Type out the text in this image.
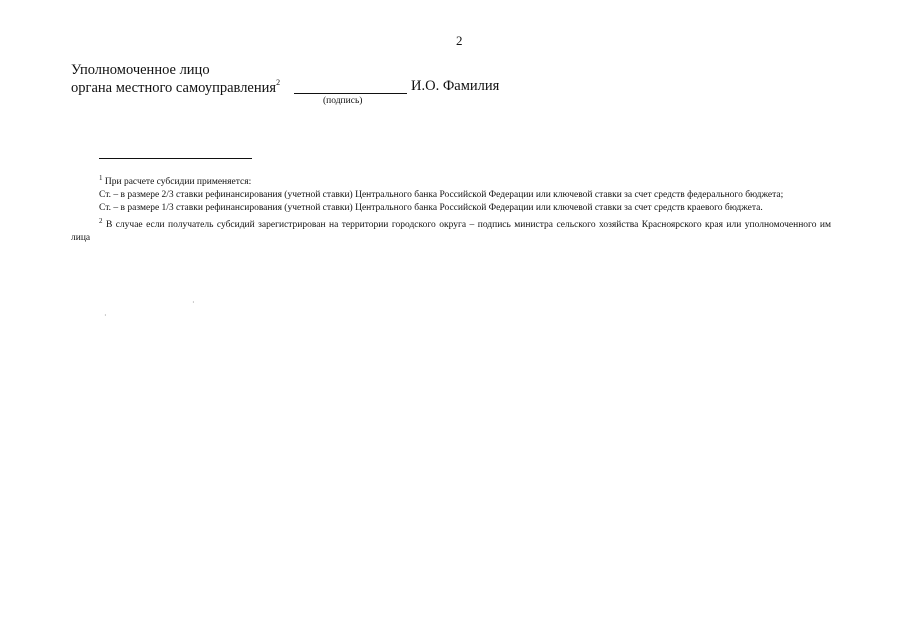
2
Уполномоченное лицо
органа местного самоуправления$^2$	И.О. Фамилия
(подпись)

$^1$ При расчете субсидии применяется:

Ст. – в размере 2/3 ставки рефинансирования (учетной ставки) Центрального банка Российской Федерации или ключевой ставки за счет средств федерального бюджета;

Ст. – в размере 1/3 ставки рефинансирования (учетной ставки) Центрального банка Российской Федерации или ключевой ставки за счет средств краевого бюджета.

$^2$ В случае если получатель субсидий зарегистрирован на территории городского округа – подпись министра сельского хозяйства Красноярского края или уполномоченного им лица

·
·
